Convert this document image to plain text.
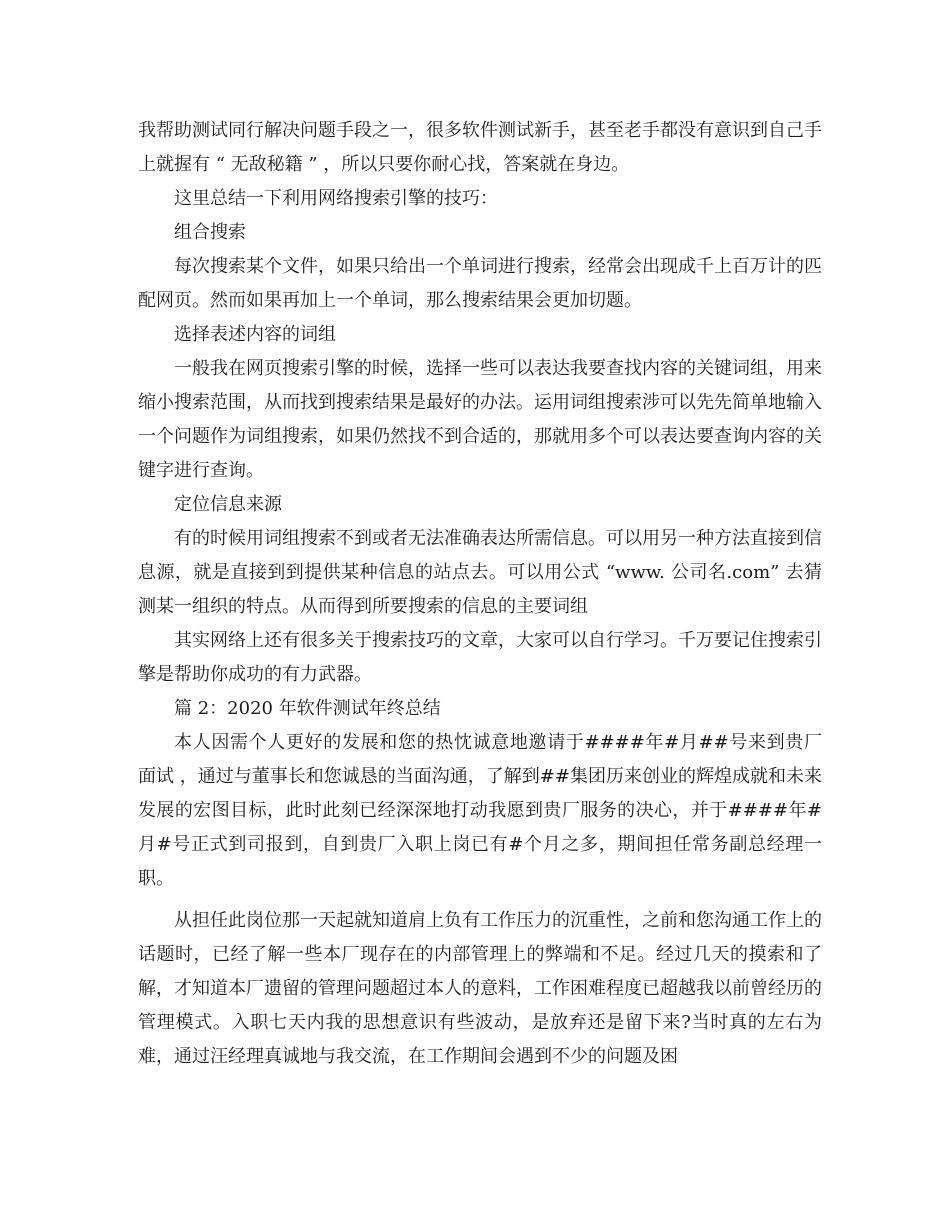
我帮助测试同行解决问题手段之一，很多软件测试新手，甚至老手都没有意识到自己手上就握有 “ 无敌秘籍 ” ，所以只要你耐心找，答案就在身边。

这里总结一下利用网络搜索引擎的技巧：

组合搜索

每次搜索某个文件，如果只给出一个单词进行搜索，经常会出现成千上百万计的匹配网页。然而如果再加上一个单词，那么搜索结果会更加切题。

选择表述内容的词组

一般我在网页搜索引擎的时候，选择一些可以表达我要查找内容的关键词组，用来缩小搜索范围，从而找到搜索结果是最好的办法。运用词组搜索涉可以先先简单地输入一个问题作为词组搜索，如果仍然找不到合适的，那就用多个可以表达要查询内容的关键字进行查询。

定位信息来源

有的时候用词组搜索不到或者无法准确表达所需信息。可以用另一种方法直接到信息源，就是直接到到提供某种信息的站点去。可以用公式 “www. 公司名.com” 去猜测某一组织的特点。从而得到所要搜索的信息的主要词组

其实网络上还有很多关于搜索技巧的文章，大家可以自行学习。千万要记住搜索引擎是帮助你成功的有力武器。

篇 2：2020 年软件测试年终总结

本人因需个人更好的发展和您的热忱诚意地邀请于####年#月##号来到贵厂 面试 ，通过与董事长和您诚恳的当面沟通，了解到##集团历来创业的辉煌成就和未来发展的宏图目标，此时此刻已经深深地打动我愿到贵厂服务的决心，并于####年#月#号正式到司报到，自到贵厂入职上岗已有#个月之多，期间担任常务副总经理一职。

从担任此岗位那一天起就知道肩上负有工作压力的沉重性，之前和您沟通工作上的话题时，已经了解一些本厂现存在的内部管理上的弊端和不足。经过几天的摸索和了解，才知道本厂遗留的管理问题超过本人的意料，工作困难程度已超越我以前曾经历的管理模式。入职七天内我的思想意识有些波动，是放弃还是留下来?当时真的左右为难，通过汪经理真诚地与我交流，在工作期间会遇到不少的问题及困
